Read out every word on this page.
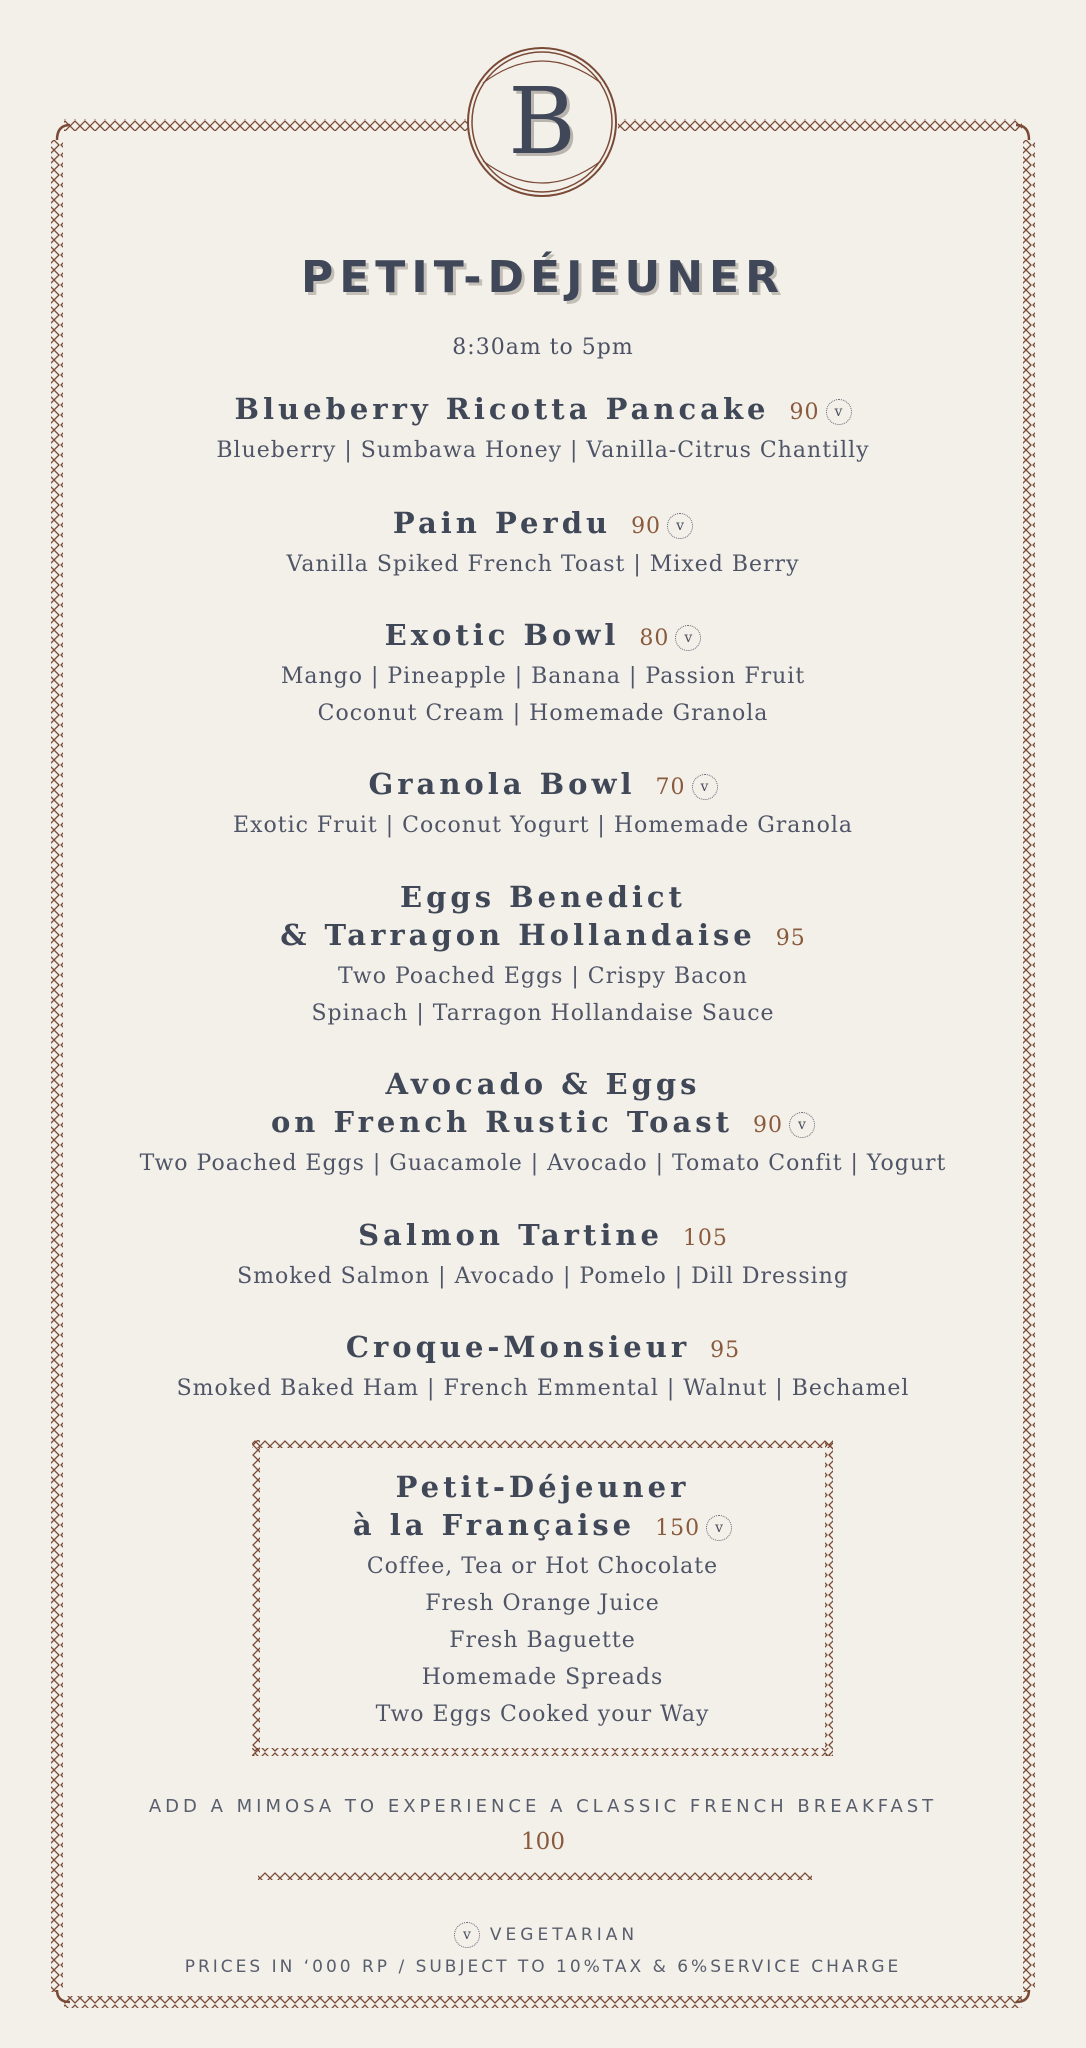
B
PETIT-DÉJEUNER
8:30am to 5pm
Blueberry Ricotta Pancake 90 v
Blueberry | Sumbawa Honey | Vanilla-Citrus Chantilly
Pain Perdu 90 v
Vanilla Spiked French Toast | Mixed Berry
Exotic Bowl 80 v
Mango | Pineapple | Banana | Passion Fruit
Coconut Cream | Homemade Granola
Granola Bowl 70 v
Exotic Fruit | Coconut Yogurt | Homemade Granola
Eggs Benedict
& Tarragon Hollandaise 95
Two Poached Eggs | Crispy Bacon
Spinach | Tarragon Hollandaise Sauce
Avocado & Eggs
on French Rustic Toast 90 v
Two Poached Eggs | Guacamole | Avocado | Tomato Confit | Yogurt
Salmon Tartine 105
Smoked Salmon | Avocado | Pomelo | Dill Dressing
Croque-Monsieur 95
Smoked Baked Ham | French Emmental | Walnut | Bechamel
Petit-Déjeuner
à la Française 150 v
Coffee, Tea or Hot Chocolate
Fresh Orange Juice
Fresh Baguette
Homemade Spreads
Two Eggs Cooked your Way
ADD A MIMOSA TO EXPERIENCE A CLASSIC FRENCH BREAKFAST
100
v VEGETARIAN
PRICES IN ‘000 RP / SUBJECT TO 10%TAX & 6%SERVICE CHARGE
